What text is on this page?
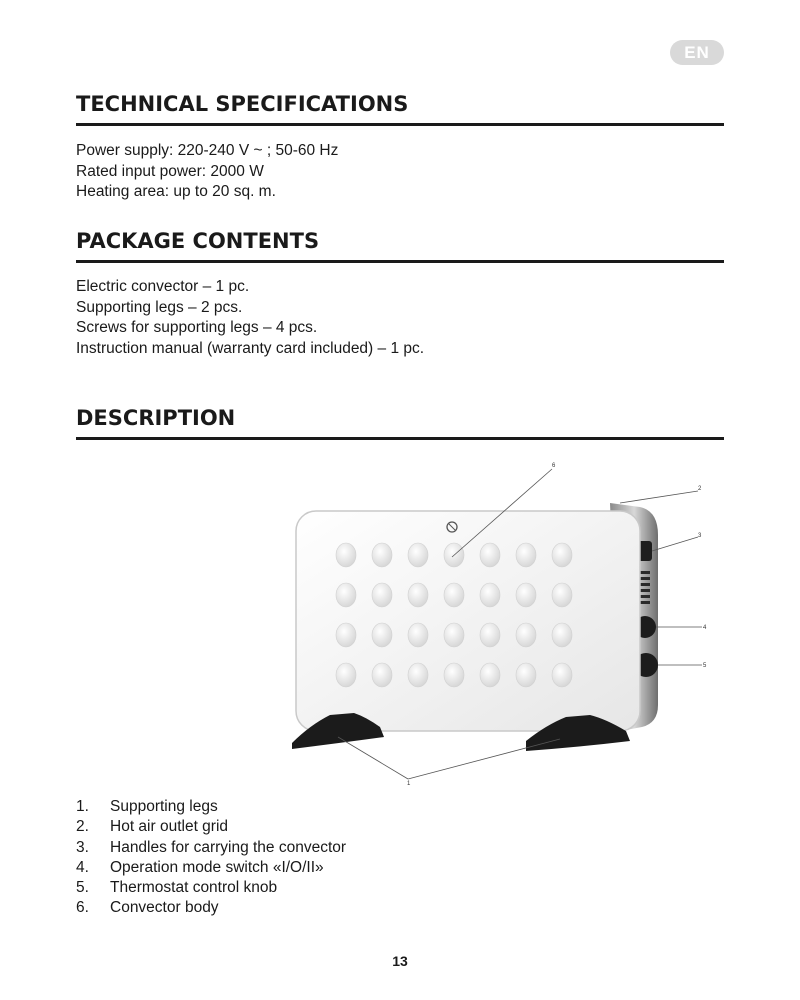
EN
TECHNICAL SPECIFICATIONS
Power supply: 220-240 V ~ ; 50-60 Hz
Rated input power: 2000 W
Heating area: up to 20 sq. m.
PACKAGE CONTENTS
Electric convector – 1 pc.
Supporting legs – 2 pcs.
Screws for supporting legs – 4 pcs.
Instruction manual (warranty card included) – 1 pc.
DESCRIPTION
6
2
3
4
5
1
1. Supporting legs
2. Hot air outlet grid
3. Handles for carrying the convector
4. Operation mode switch «I/O/II»
5. Thermostat control knob
6. Convector body
13
